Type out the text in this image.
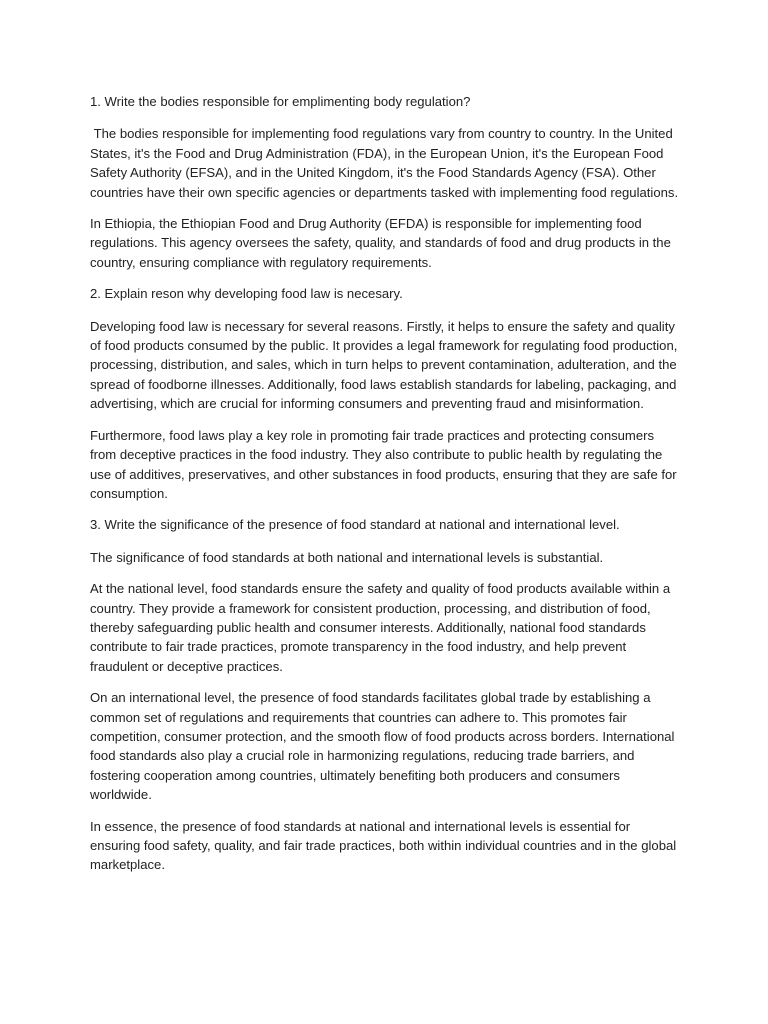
1. Write the bodies responsible for emplimenting body regulation?

The bodies responsible for implementing food regulations vary from country to country. In the United States, it's the Food and Drug Administration (FDA), in the European Union, it's the European Food Safety Authority (EFSA), and in the United Kingdom, it's the Food Standards Agency (FSA). Other countries have their own specific agencies or departments tasked with implementing food regulations.

In Ethiopia, the Ethiopian Food and Drug Authority (EFDA) is responsible for implementing food regulations. This agency oversees the safety, quality, and standards of food and drug products in the country, ensuring compliance with regulatory requirements.

2. Explain reson why developing food law is necesary.

Developing food law is necessary for several reasons. Firstly, it helps to ensure the safety and quality of food products consumed by the public. It provides a legal framework for regulating food production, processing, distribution, and sales, which in turn helps to prevent contamination, adulteration, and the spread of foodborne illnesses. Additionally, food laws establish standards for labeling, packaging, and advertising, which are crucial for informing consumers and preventing fraud and misinformation.

Furthermore, food laws play a key role in promoting fair trade practices and protecting consumers from deceptive practices in the food industry. They also contribute to public health by regulating the use of additives, preservatives, and other substances in food products, ensuring that they are safe for consumption.

3. Write the significance of the presence of food standard at national and international level.

The significance of food standards at both national and international levels is substantial.

At the national level, food standards ensure the safety and quality of food products available within a country. They provide a framework for consistent production, processing, and distribution of food, thereby safeguarding public health and consumer interests. Additionally, national food standards contribute to fair trade practices, promote transparency in the food industry, and help prevent fraudulent or deceptive practices.

On an international level, the presence of food standards facilitates global trade by establishing a common set of regulations and requirements that countries can adhere to. This promotes fair competition, consumer protection, and the smooth flow of food products across borders. International food standards also play a crucial role in harmonizing regulations, reducing trade barriers, and fostering cooperation among countries, ultimately benefiting both producers and consumers worldwide.

In essence, the presence of food standards at national and international levels is essential for ensuring food safety, quality, and fair trade practices, both within individual countries and in the global marketplace.
